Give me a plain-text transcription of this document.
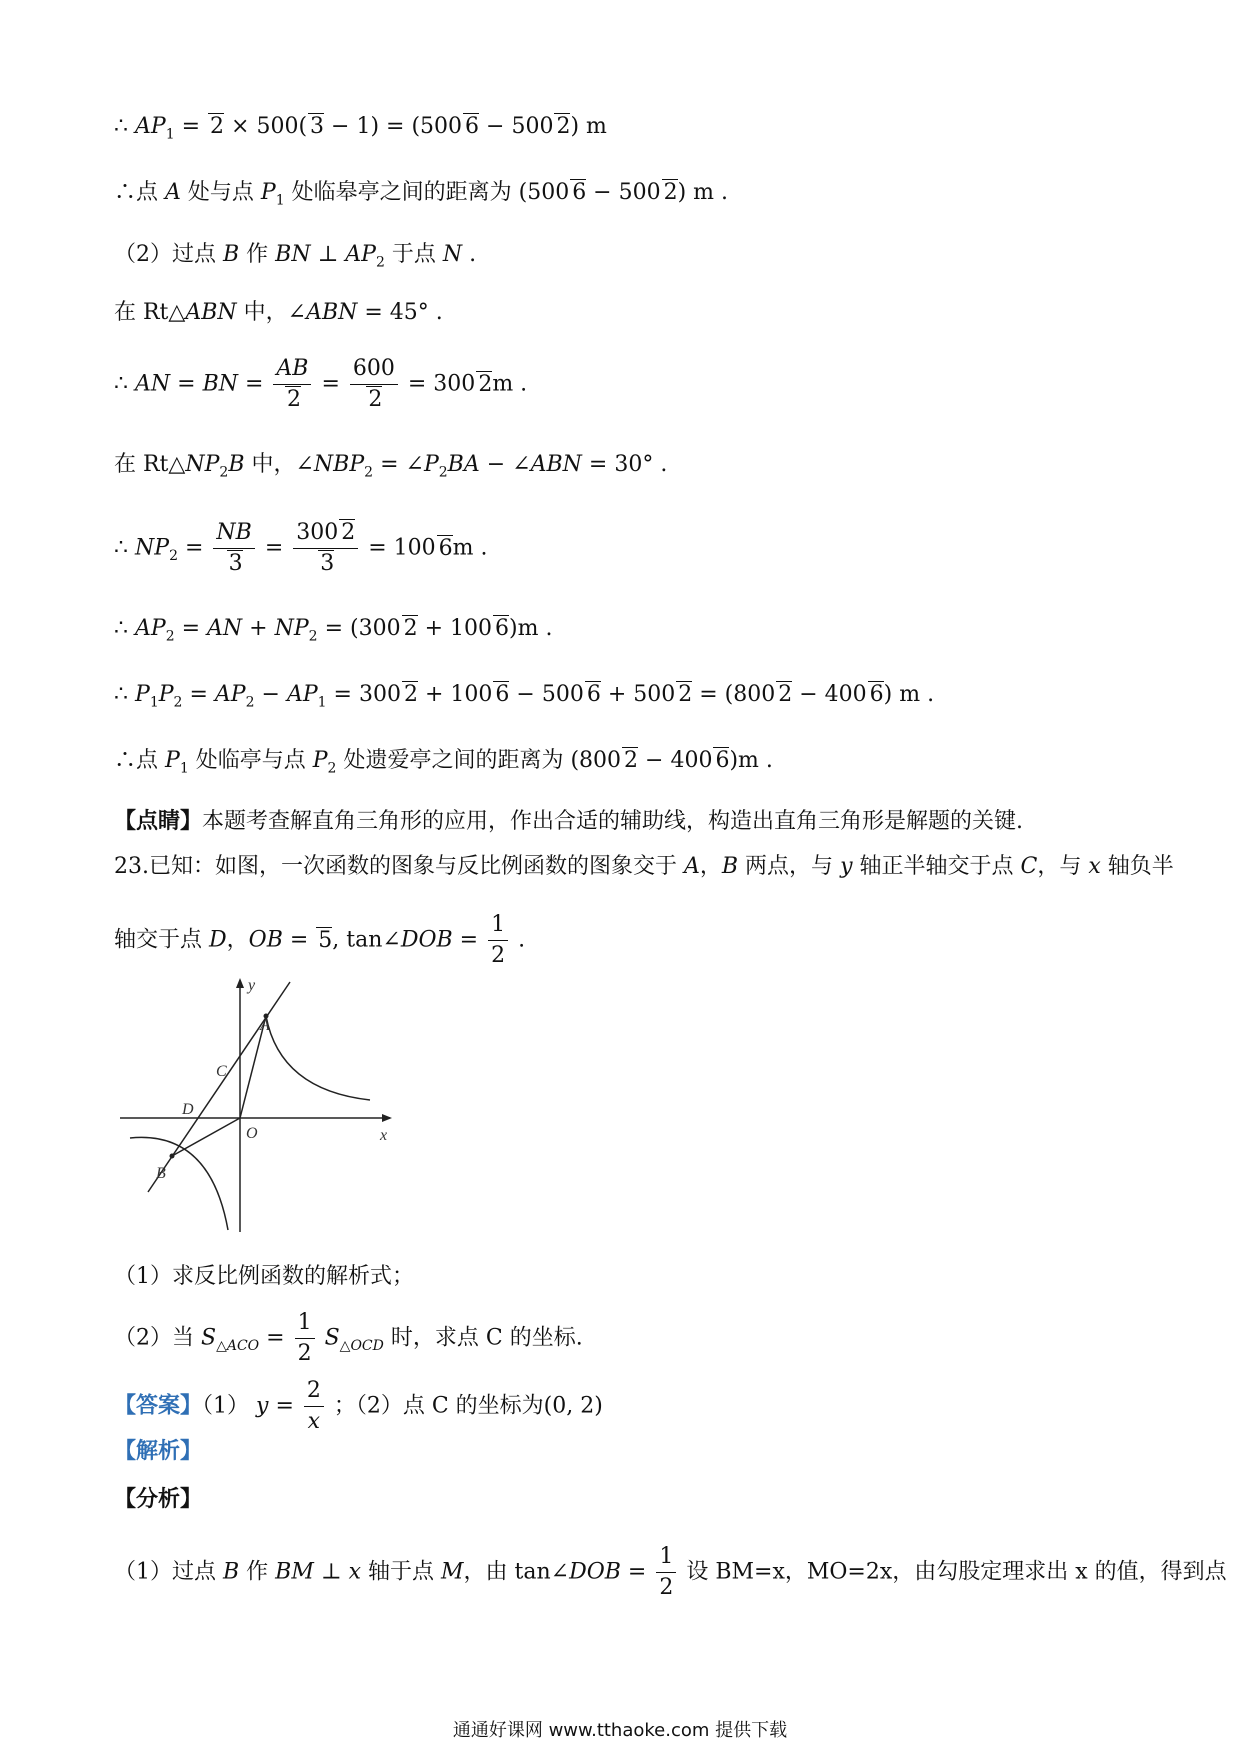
∴ $AP_1 = 2 \times 500$( 3 − 1) = (500 6 − 500 2) m
∴点 A 处与点 $P_1$ 处临皋亭之间的距离为 (500 6 − 500 2) m .
（2）过点 B 作 BN ⊥ $AP_2$ 于点 N .
在 Rt△ABN 中，∠ABN = 45° .
∴ AN = BN = $\frac{AB}{2} = \frac{600}{2} = 300$ 2m .
在 $Rt\triangle NP_2B$ 中，$\angle NBP_2$ = $\angle P_2BA$ − ∠ABN = 30° .
∴ $NP_2 = \frac{NB}{3} = \frac{300 2}{3} = 100$ 6m .
∴ $AP_2$ = AN + $NP_2 = (300$ 2 + 100 6)m .
∴ $P_1P_2 = AP_2 - AP_1 = 300$ 2 + 100 6 − 500 6 + 500 2 = (800 2 − 400 6) m .
∴点 $P_1$ 处临亭与点 $P_2$ 处遗爱亭之间的距离为 (800 2 − 400 6)m .
【点睛】本题考查解直角三角形的应用，作出合适的辅助线，构造出直角三角形是解题的关键.
23.已知：如图，一次函数的图象与反比例函数的图象交于 A，B 两点，与 y 轴正半轴交于点 C，与 x 轴负半
轴交于点 D，OB = 5, tan∠DOB = $\frac{1}{2}$ .
y
x
A
B
C
D
O
（1）求反比例函数的解析式；
（2）当 $S_{\triangle ACO} = \frac{1}{2} S_{\triangle OCD}$ 时，求点 C 的坐标.
【答案】（1） $y = \frac{2}{x}$ ；（2）点 C 的坐标为(0, 2)
【解析】
【分析】
（1）过点 B 作 BM ⊥ x 轴于点 M，由 tan∠DOB = $\frac{1}{2}$ 设 BM=x，MO=2x，由勾股定理求出 x 的值，得到点
通通好课网 www.tthaoke.com 提供下载
